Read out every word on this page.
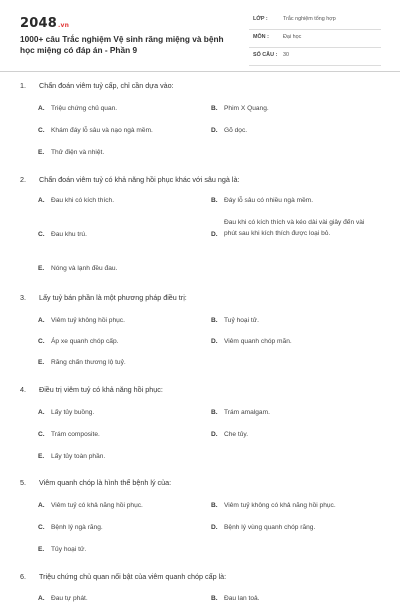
2048.vn
1000+ câu Trắc nghiệm Vệ sinh răng miệng và bệnh học miệng có đáp án - Phần 9
LỚP :	Trắc nghiệm tổng hợp
MÔN :	Đại học
SỐ CÂU : 30
1. Chẩn đoán viêm tuỷ cấp, chỉ cần dựa vào:
A. Triệu chứng chủ quan.	B. Phim X Quang.
C. Khám đáy lỗ sâu và nạo ngà mềm.	D. Gõ dọc.
E. Thử điện và nhiệt.
2. Chẩn đoán viêm tuỷ có khả năng hồi phục khác với sâu ngà là:
A. Đau khi có kích thích.	B. Đáy lỗ sâu có nhiều ngà mềm.
C. Đau khu trú.	D.Đau khi có kích thích và kéo dài vài giây đến vài phút sau khi kích thích được loại bỏ.
E. Nóng và lạnh đều đau.
3. Lấy tuỷ bán phần là một phương pháp điều trị:
A. Viêm tuỷ không hồi phục.	B. Tuỷ hoại tử.
C. Áp xe quanh chóp cấp.	D. Viêm quanh chóp mãn.
E. Răng chấn thương lộ tuỷ.
4. Điều trị viêm tuỷ có khả năng hồi phục:
A. Lấy tủy buồng.	B. Trám amalgam.
C. Trám composite.	D. Che tủy.
E. Lấy tủy toàn phần.
5. Viêm quanh chóp là hình thể bệnh lý của:
A. Viêm tuỷ có khả năng hồi phục.	B. Viêm tuỷ không có khả năng hồi phục.
C. Bệnh lý ngà răng.	D. Bệnh lý vùng quanh chóp răng.
E. Tủy hoại tử.
6. Triệu chứng chủ quan nổi bật của viêm quanh chóp cấp là:
A. Đau tự phát.	B. Đau lan toả.
